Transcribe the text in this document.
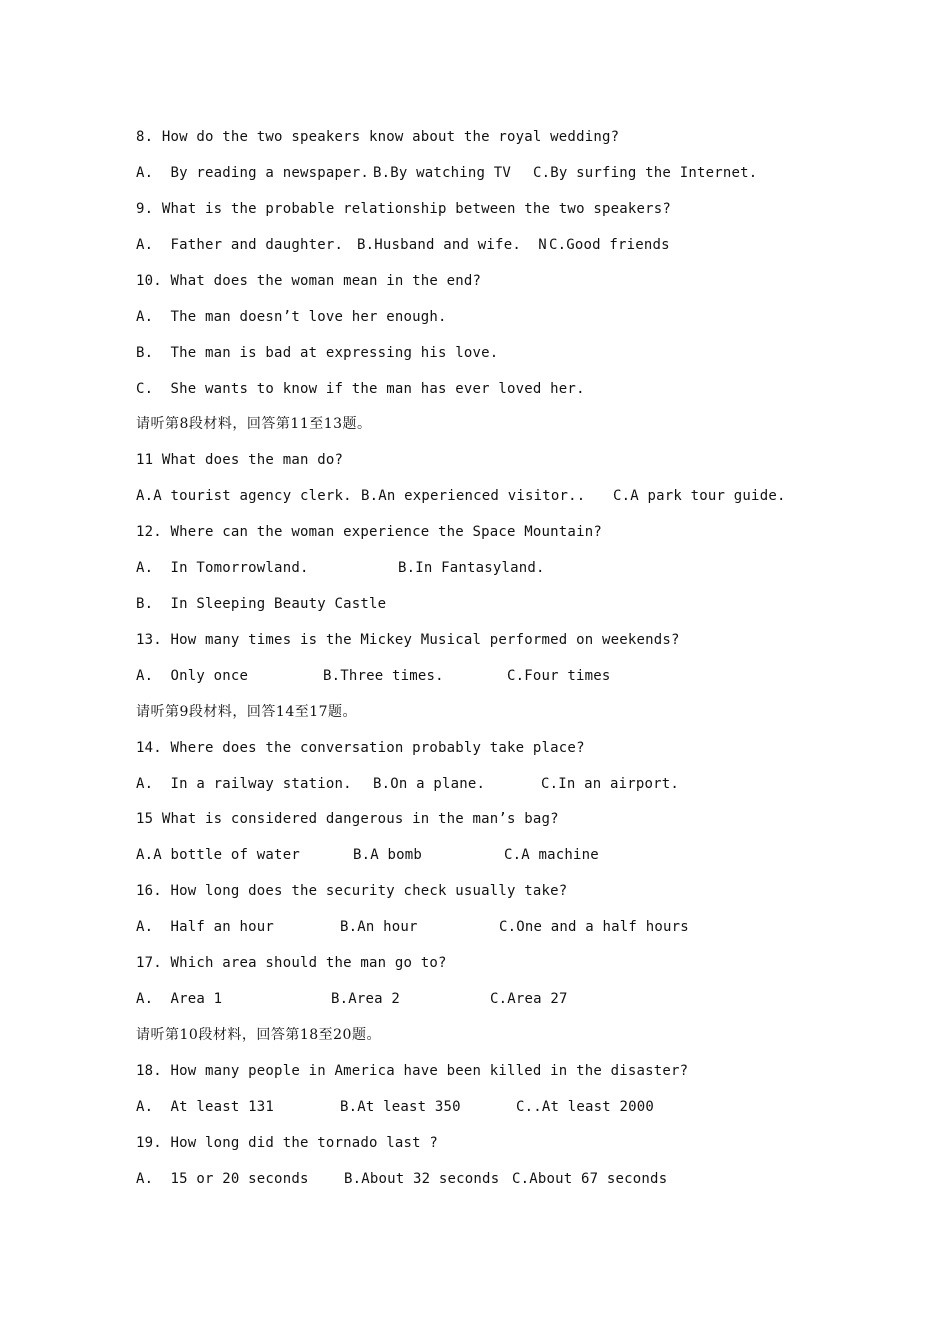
8. How do the two speakers know about the royal wedding?

A.  By reading a newspaper.

B.By watching TV

C.By surfing the Internet.

9. What is the probable relationship between the two speakers?

A.  Father and daughter.

B.Husband and wife.  N

C.Good friends

10. What does the woman mean in the end?
A.  The man doesn’t love her enough.
B.  The man is bad at expressing his love.
C.  She wants to know if the man has ever loved her.
请听第8段材料，回答第11至13题。
11 What does the man do?

A.A tourist agency clerk.

B.An experienced visitor..

C.A park tour guide.

12. Where can the woman experience the Space Mountain?

A.  In Tomorrowland.

	B.In Fantasyland.

B.  In Sleeping Beauty Castle
13. How many times is the Mickey Musical performed on weekends?

A.  Only once

	B.Three times.

	C.Four times

请听第9段材料，回答14至17题。
14. Where does the conversation probably take place?

A.  In a railway station.

B.On a plane.

	C.In an airport.

15 What is considered dangerous in the man’s bag?

A.A bottle of water

	B.A bomb

	C.A machine

16. How long does the security check usually take?

A.  Half an hour

	B.An hour

	C.One and a half hours

17. Which area should the man go to?

A.  Area 1

	B.Area 2

	C.Area 27

请听第10段材料，回答第18至20题。
18. How many people in America have been killed in the disaster?

A.  At least 131

	B.At least 350

	C..At least 2000

19. How long did the tornado last ?

A.  15 or 20 seconds

	B.About 32 seconds

C.About 67 seconds
